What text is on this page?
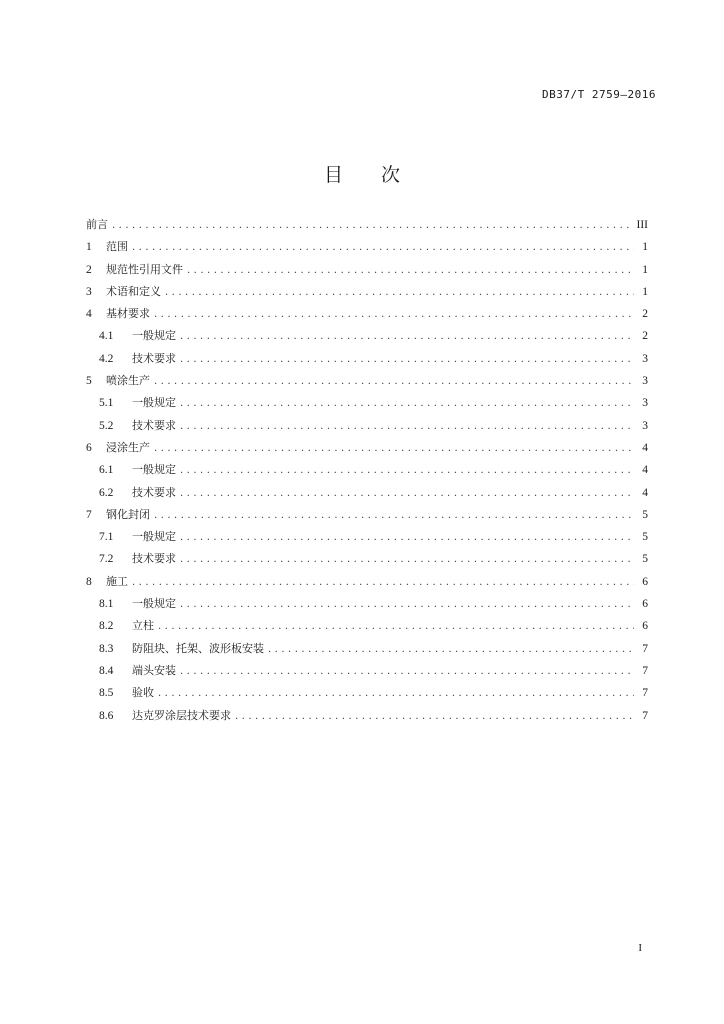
DB37/T 2759—2016
目次
前言 .....	III
1	范围 .....	1
2	规范性引用文件 .....	1
3	术语和定义 .....	1
4	基材要求 .....	2
4.1	一般规定 .....	2
4.2	技术要求 .....	3
5	喷涂生产 .....	3
5.1	一般规定 .....	3
5.2	技术要求 .....	3
6	浸涂生产 .....	4
6.1	一般规定 .....	4
6.2	技术要求 .....	4
7	钢化封闭 .....	5
7.1	一般规定 .....	5
7.2	技术要求 .....	5
8	施工 .....	6
8.1	一般规定 .....	6
8.2	立柱 .....	6
8.3	防阻块、托架、波形板安装 .....	7
8.4	端头安装 .....	7
8.5	验收 .....	7
8.6	达克罗涂层技术要求 .....	7
I
